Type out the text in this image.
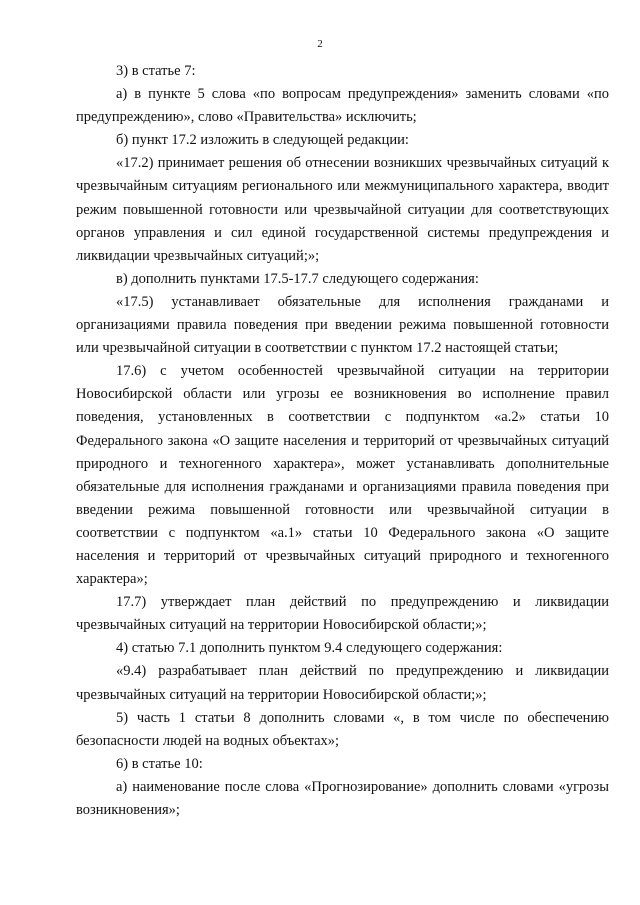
2

3) в статье 7:

а) в пункте 5 слова «по вопросам предупреждения» заменить словами «по предупреждению», слово «Правительства» исключить;

б) пункт 17.2 изложить в следующей редакции:

«17.2) принимает решения об отнесении возникших чрезвычайных ситуаций к чрезвычайным ситуациям регионального или межмуниципального характера, вводит режим повышенной готовности или чрезвычайной ситуации для соответствующих органов управления и сил единой государственной системы предупреждения и ликвидации чрезвычайных ситуаций;»;

в) дополнить пунктами 17.5-17.7 следующего содержания:

«17.5) устанавливает обязательные для исполнения гражданами и организациями правила поведения при введении режима повышенной готовности или чрезвычайной ситуации в соответствии с пунктом 17.2 настоящей статьи;

17.6) с учетом особенностей чрезвычайной ситуации на территории Новосибирской области или угрозы ее возникновения во исполнение правил поведения, установленных в соответствии с подпунктом «а.2» статьи 10 Федерального закона «О защите населения и территорий от чрезвычайных ситуаций природного и техногенного характера», может устанавливать дополнительные обязательные для исполнения гражданами и организациями правила поведения при введении режима повышенной готовности или чрезвычайной ситуации в соответствии с подпунктом «а.1» статьи 10 Федерального закона «О защите населения и территорий от чрезвычайных ситуаций природного и техногенного характера»;

17.7) утверждает план действий по предупреждению и ликвидации чрезвычайных ситуаций на территории Новосибирской области;»;

4) статью 7.1 дополнить пунктом 9.4 следующего содержания:

«9.4) разрабатывает план действий по предупреждению и ликвидации чрезвычайных ситуаций на территории Новосибирской области;»;

5) часть 1 статьи 8 дополнить словами «, в том числе по обеспечению безопасности людей на водных объектах»;

6) в статье 10:

а) наименование после слова «Прогнозирование» дополнить словами «угрозы возникновения»;
